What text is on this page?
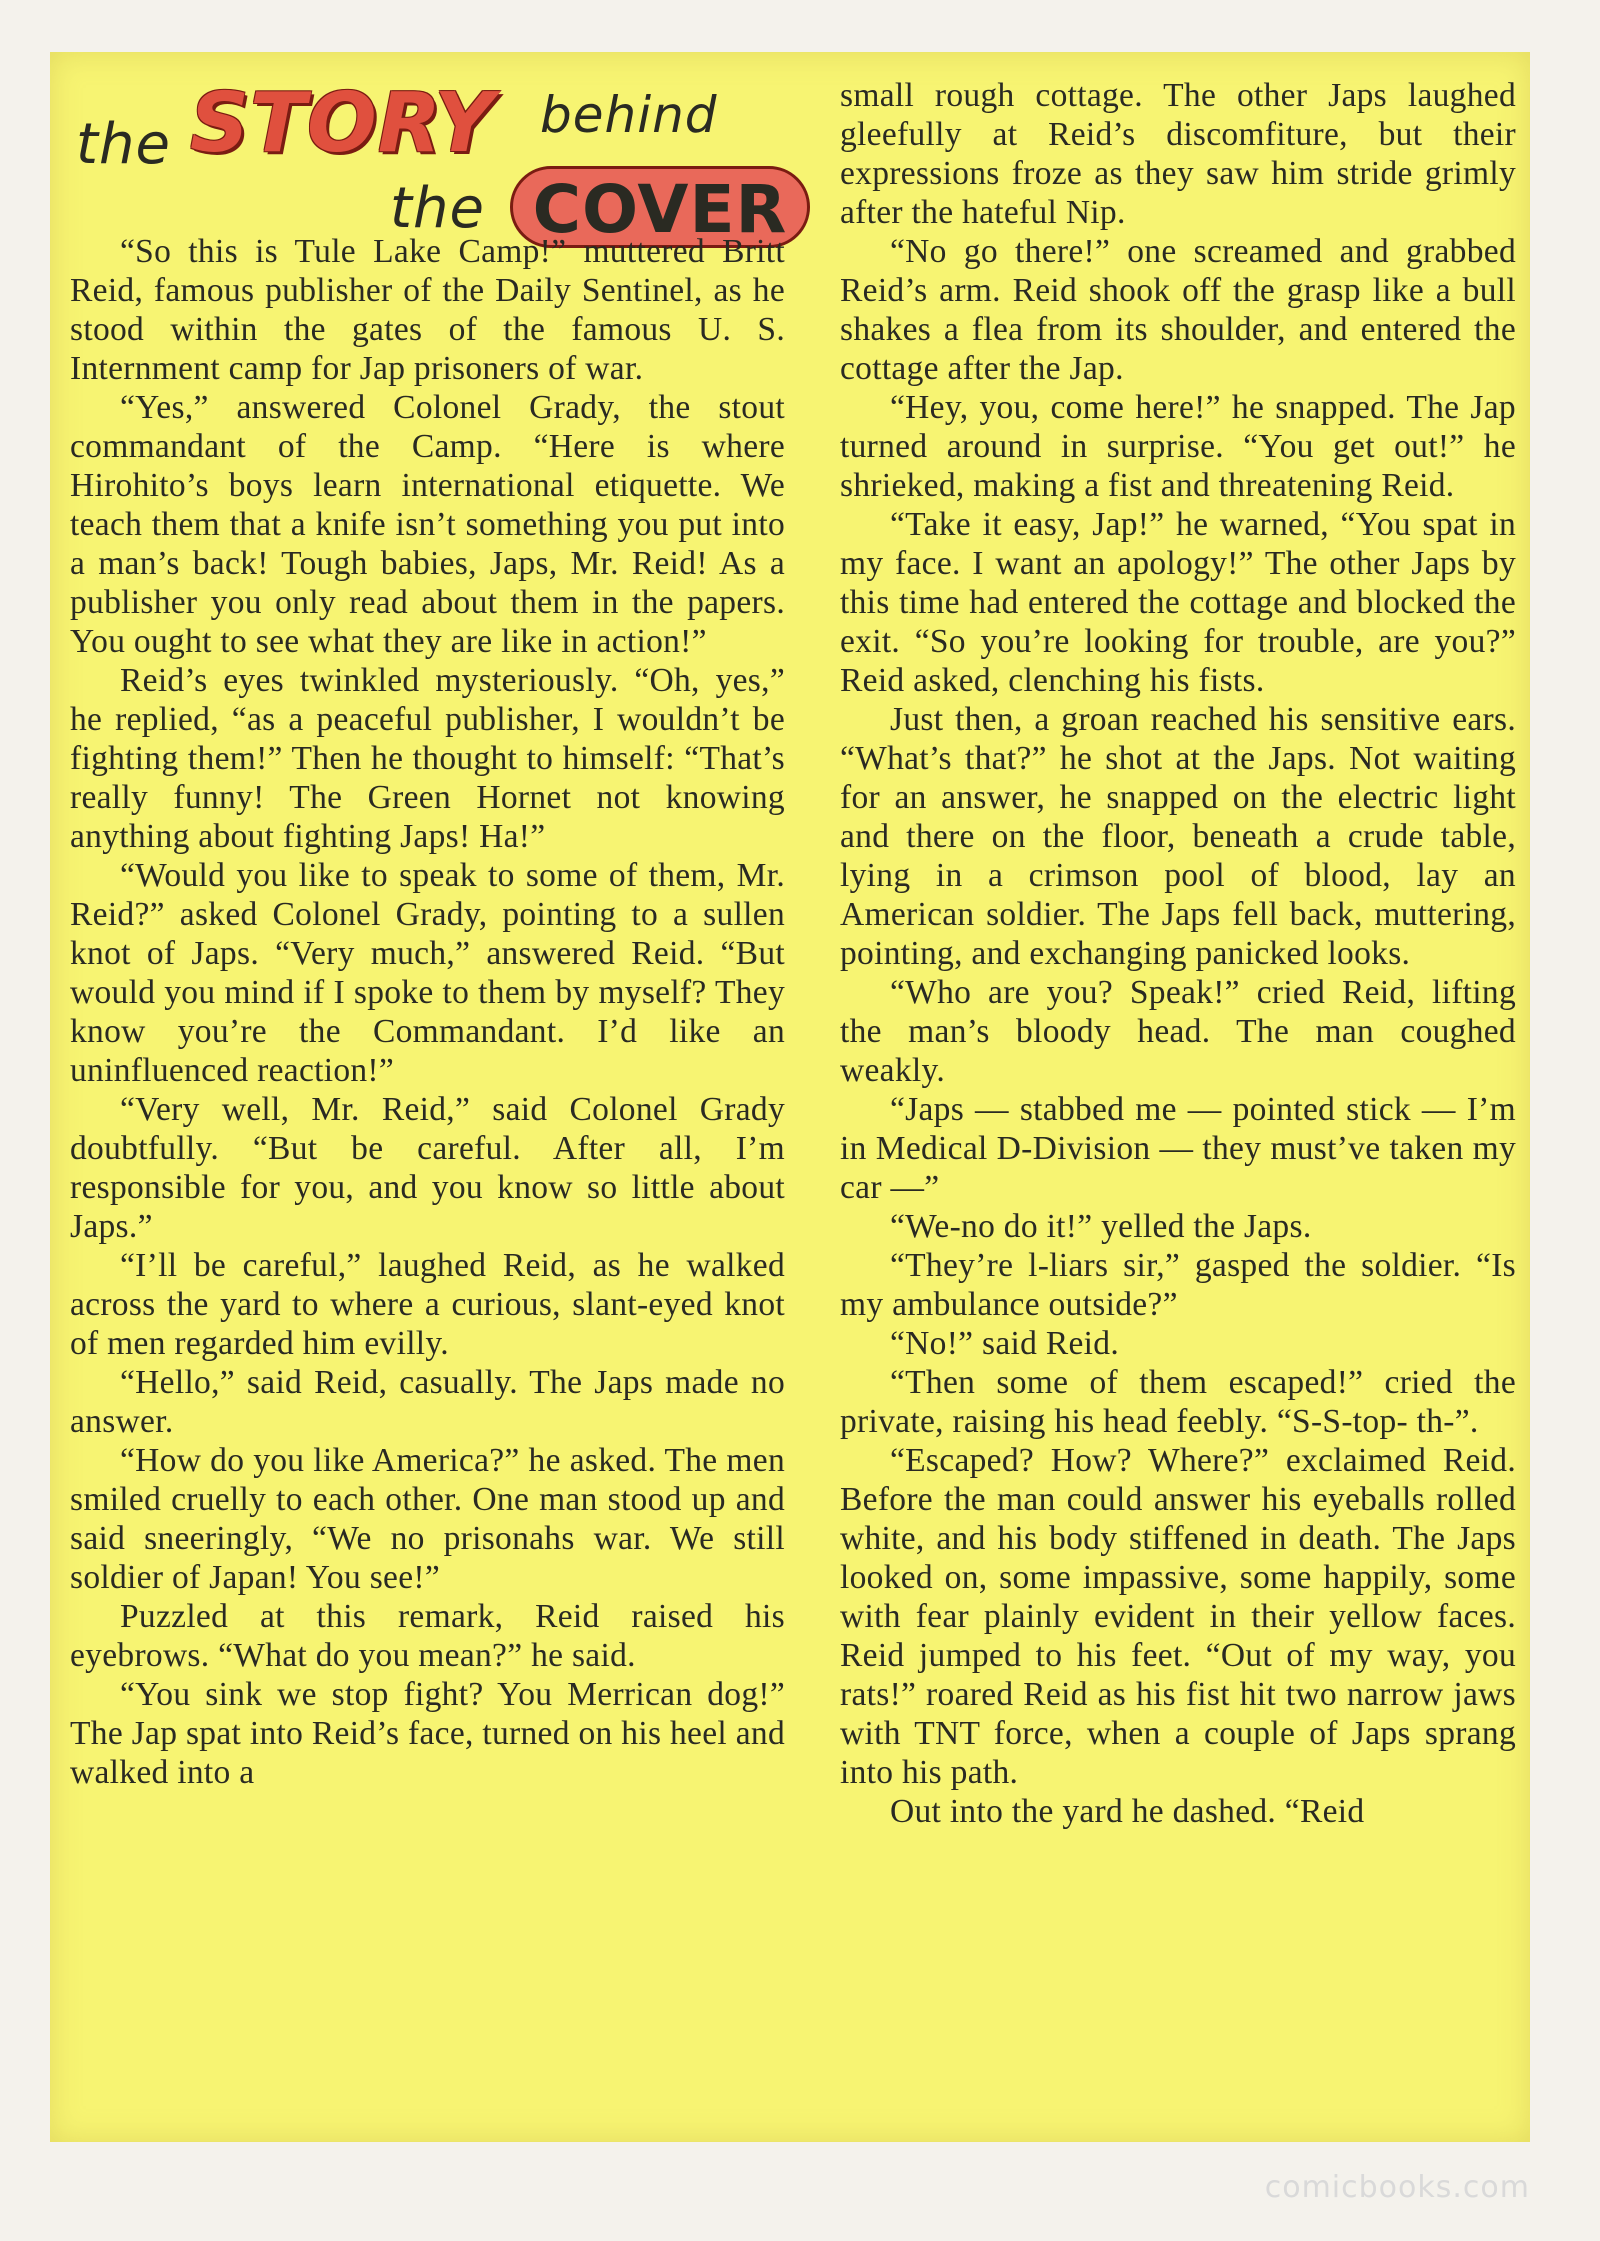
the STORY behind
the COVER

“So this is Tule Lake Camp!” muttered Britt Reid, famous publisher of the Daily Sentinel, as he stood within the gates of the famous U. S. Internment camp for Jap prisoners of war.

“Yes,” answered Colonel Grady, the stout commandant of the Camp. “Here is where Hirohito’s boys learn international etiquette. We teach them that a knife isn’t something you put into a man’s back! Tough babies, Japs, Mr. Reid! As a publisher you only read about them in the papers. You ought to see what they are like in action!”

Reid’s eyes twinkled mysteriously. “Oh, yes,” he replied, “as a peaceful publisher, I wouldn’t be fighting them!” Then he thought to himself: “That’s really funny! The Green Hornet not knowing anything about fighting Japs! Ha!”

“Would you like to speak to some of them, Mr. Reid?” asked Colonel Grady, pointing to a sullen knot of Japs. “Very much,” answered Reid. “But would you mind if I spoke to them by myself? They know you’re the Commandant. I’d like an uninfluenced reaction!”

“Very well, Mr. Reid,” said Colonel Grady doubtfully. “But be careful. After all, I’m responsible for you, and you know so little about Japs.”

“I’ll be careful,” laughed Reid, as he walked across the yard to where a curious, slant-eyed knot of men regarded him evilly.

“Hello,” said Reid, casually. The Japs made no answer.

“How do you like America?” he asked. The men smiled cruelly to each other. One man stood up and said sneeringly, “We no prisonahs war. We still soldier of Japan! You see!”

Puzzled at this remark, Reid raised his eyebrows. “What do you mean?” he said.

“You sink we stop fight? You Merrican dog!” The Jap spat into Reid’s face, turned on his heel and walked into a

small rough cottage. The other Japs laughed gleefully at Reid’s discomfiture, but their expressions froze as they saw him stride grimly after the hateful Nip.

“No go there!” one screamed and grabbed Reid’s arm. Reid shook off the grasp like a bull shakes a flea from its shoulder, and entered the cottage after the Jap.

“Hey, you, come here!” he snapped. The Jap turned around in surprise. “You get out!” he shrieked, making a fist and threatening Reid.

“Take it easy, Jap!” he warned, “You spat in my face. I want an apology!” The other Japs by this time had entered the cottage and blocked the exit. “So you’re looking for trouble, are you?” Reid asked, clenching his fists.

Just then, a groan reached his sensitive ears. “What’s that?” he shot at the Japs. Not waiting for an answer, he snapped on the electric light and there on the floor, beneath a crude table, lying in a crimson pool of blood, lay an American soldier. The Japs fell back, muttering, pointing, and exchanging panicked looks.

“Who are you? Speak!” cried Reid, lifting the man’s bloody head. The man coughed weakly.

“Japs — stabbed me — pointed stick — I’m in Medical D-Division — they must’ve taken my car —”

“We-no do it!” yelled the Japs.

“They’re l-liars sir,” gasped the soldier. “Is my ambulance outside?”

“No!” said Reid.

“Then some of them escaped!” cried the private, raising his head feebly. “S-S-top- th-”.

“Escaped? How? Where?” exclaimed Reid. Before the man could answer his eyeballs rolled white, and his body stiffened in death. The Japs looked on, some impassive, some happily, some with fear plainly evident in their yellow faces. Reid jumped to his feet. “Out of my way, you rats!” roared Reid as his fist hit two narrow jaws with TNT force, when a couple of Japs sprang into his path.

Out into the yard he dashed. “Reid

comicbooks.com
